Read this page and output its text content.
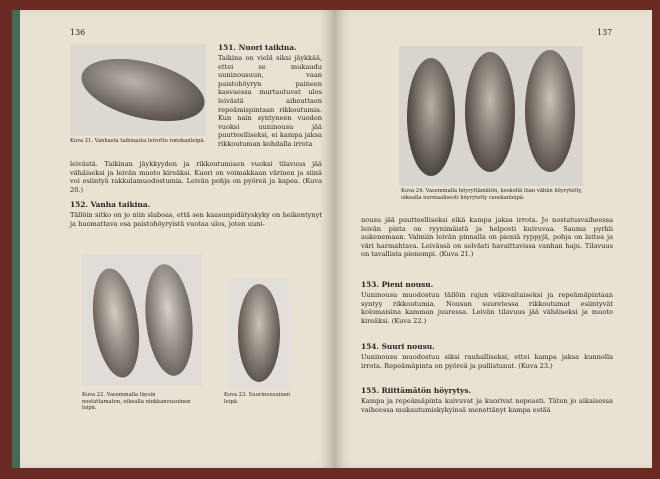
136
Kuva 21. Vanhasta taikinasta leivottu ranskanleipä.
151. Nuori taikina.

Taikina on vielä siksi jäykkää, ettei se mukaudu uuninousuun, vaan paistohöyryn paineen kasvaessa murtautuvat ulos leivästä aiheuttaen repeämispintaan rikkoutumia. Kun nain syntyneen vuodon vuoksi uuninousu jää puutteelliseksi, ei kampa jaksa rikkoutuman kohdalla irrota

leivästä. Taikinan jäykkyyden ja rikkoutumisen vuoksi tilavuus jää vähäiseksi ja leivän muoto kireäksi. Kuori on voimakkaan värinen ja siinä voi esiintyä rakkulamuodostumia. Leivän pohja on pyöreä ja kapea. (Kuva 20.)

152. Vanha taikina.

Tällöin sitko on jo niin slaboas, että sen kaasunpidätyskyky on heikentynyt ja huomattava osa paistohöyryistä vuotaa ulos, joten uuni-

Kuva 22. Vasemmalla täysin nostattamaton, oikealla ninkkanousuinen leipä.
Kuva 23. Suurinousuinen leipä.
137
Kuva 24. Vasemmalla höyryttämätön, keskellä liian vähän höyrytetty, oikealla normaalisesti höyrytetty ranskanleipä.

nousu jää puutteelliseksi eikä kampa jaksa irrota. Jo nostatusvaiheessa leivän pinta on ryynimäistä ja helposti kuivuvaa. Sauma pyrkii aukenemaan. Valmiin leivän pinnalla on pieniä ryppyjä, pohja on lattea ja väri harmahtava. Leivässä on selvästi havaittavissa vanhan haju. Tilavuus on tavallista pienempi. (Kuva 21.)

153. Pieni nousu.

Uuninousu muodostuu tällöin rajun väkivaltaiseksi ja repeämäpintaan syntyy rikkoutumia. Nousun suuretessa rikkoutumat esiintyvät kolomaisina kamman juuressa. Leivän tilavuus jää vähäiseksi ja muoto kireäksi. (Kuva 22.)

154. Suuri nousu.

Uuninousu muodostuu siksi rauhalliseksi, ettei kampa jaksa kunnolla irrota. Repeämäpinta on pyöreä ja pullistunut. (Kuva 23.)

155. Riittämätön höyrytys.

Kampa ja repeämäpinta kuivuvat ja kuorivat nopeasti. Täten jo aikaisessa vaiheessa mukautumiskykyinsä menettänyt kampa estää
